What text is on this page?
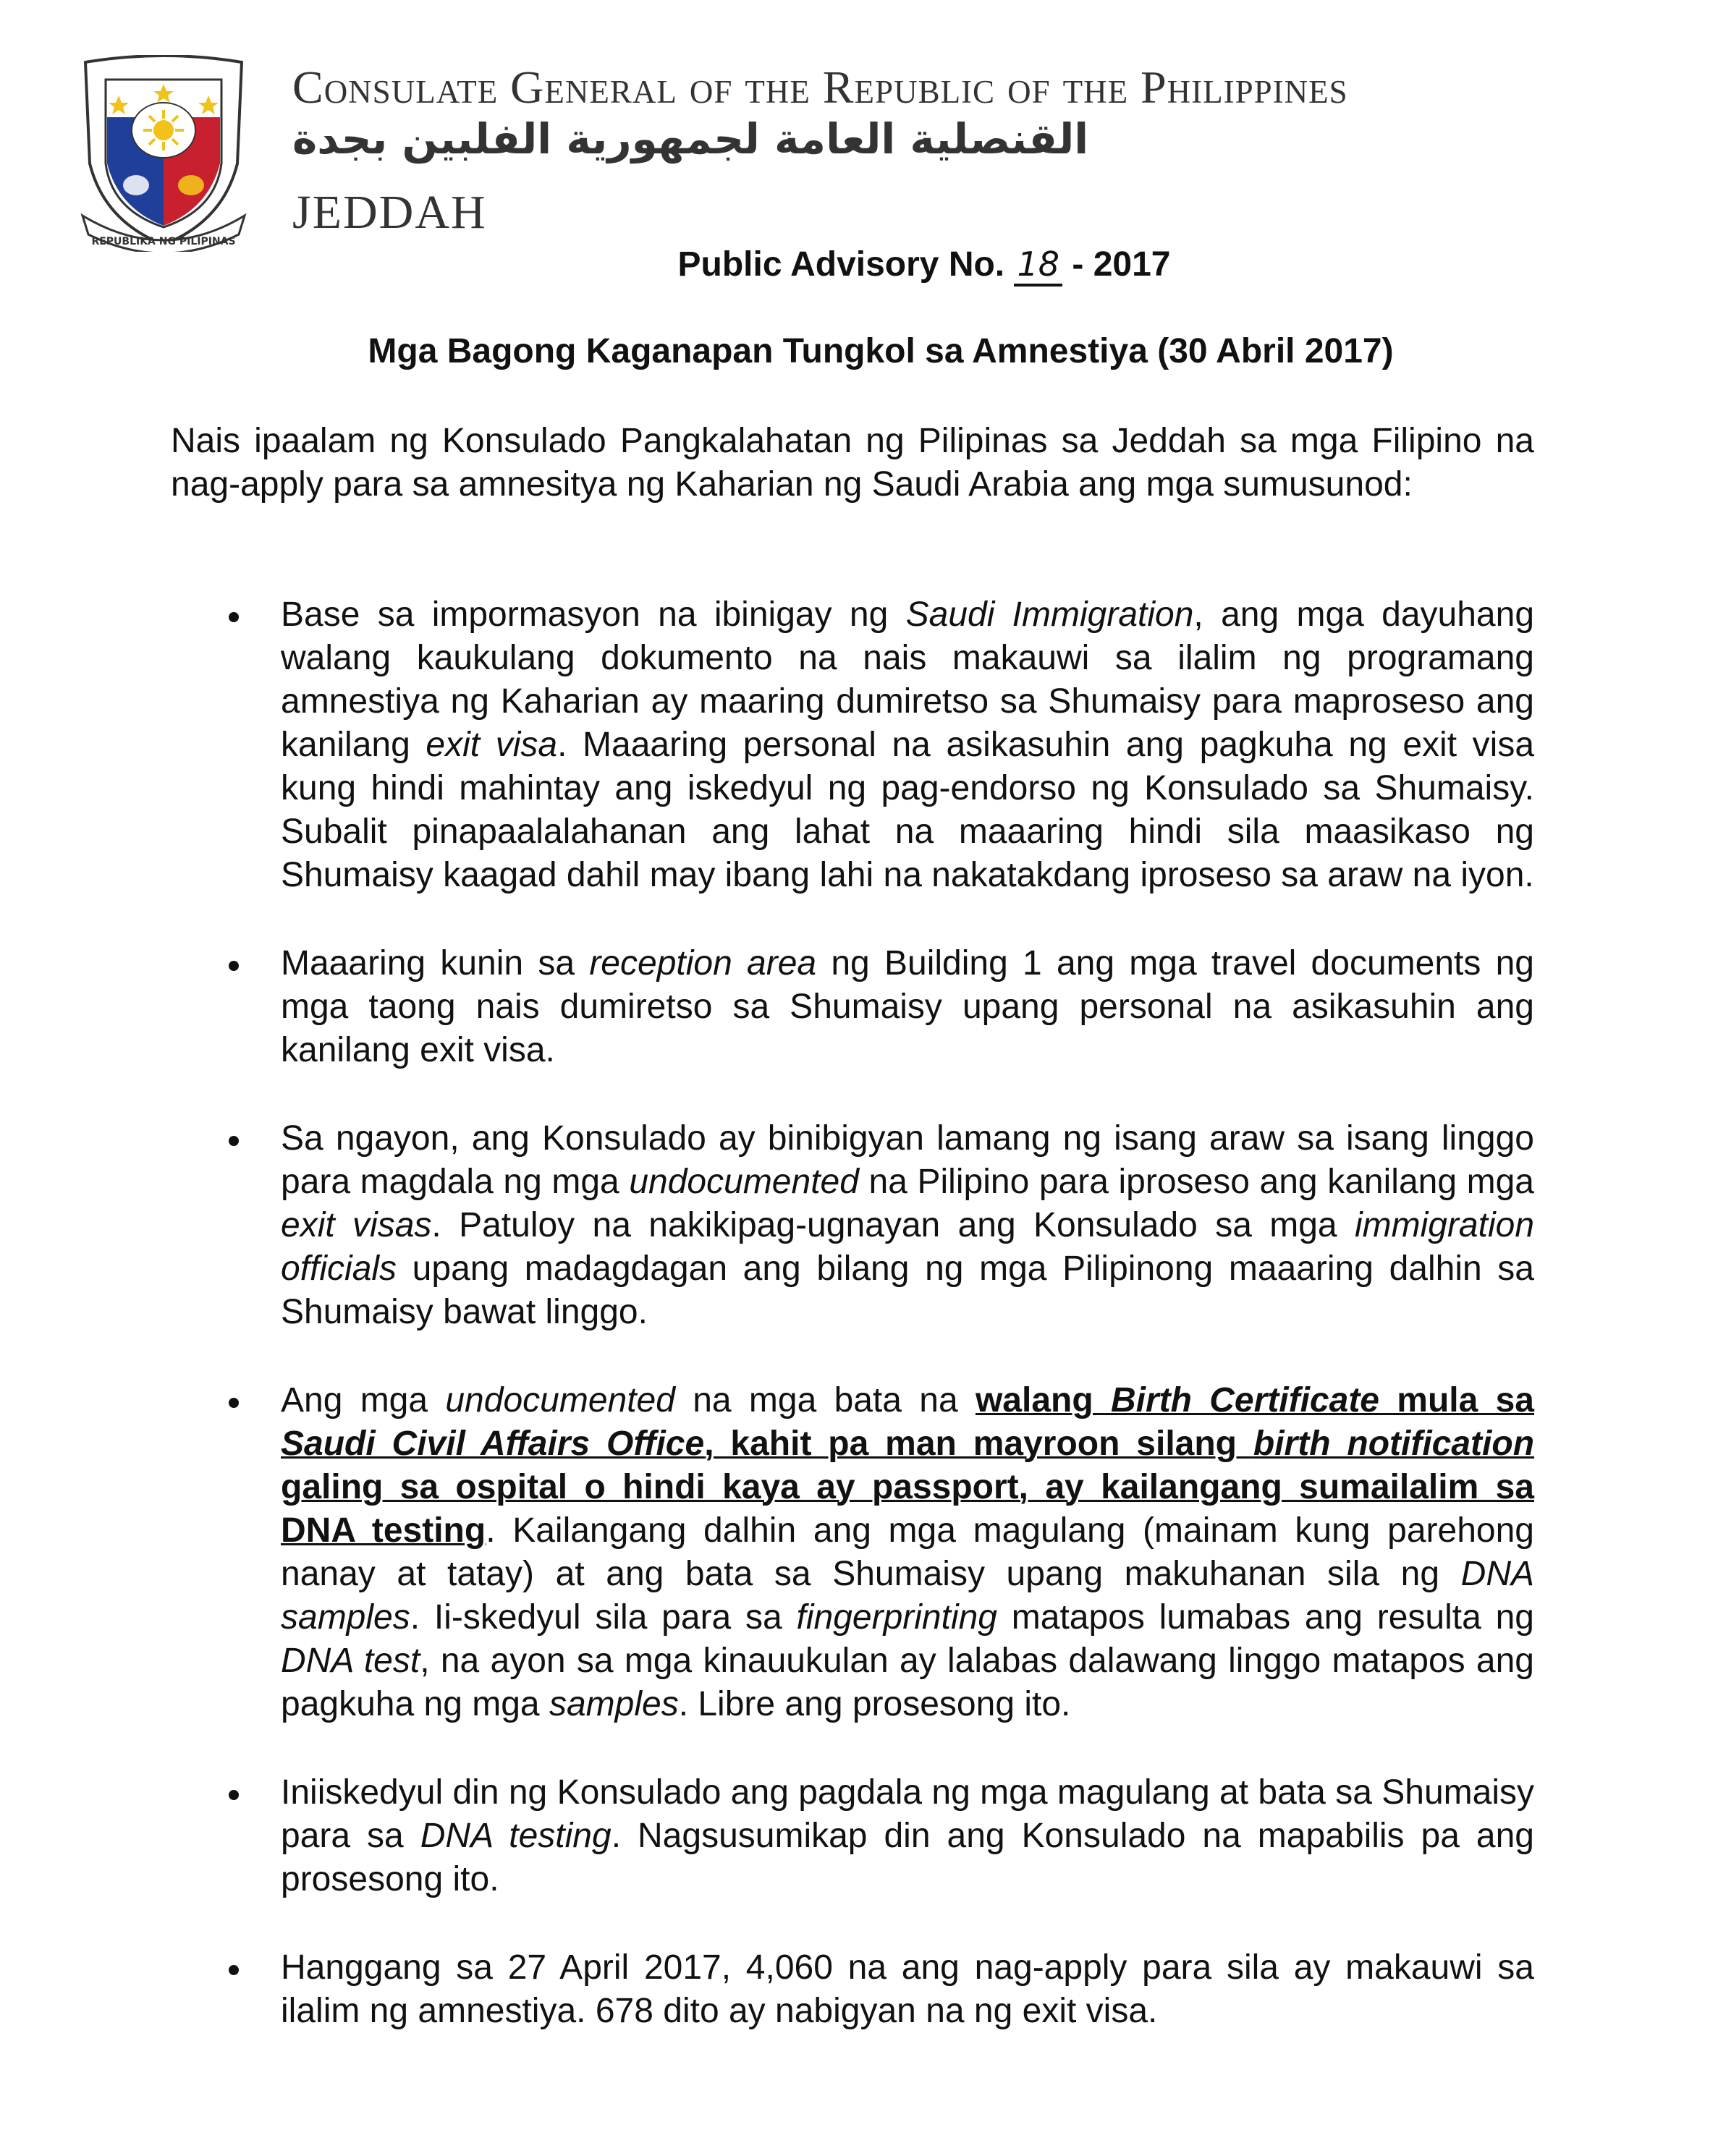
REPUBLIKA NG PILIPINAS
Consulate General of the Republic of the Philippines
القنصلية العامة لجمهورية الفلبين بجدة
JEDDAH
Public Advisory No. 18 - 2017
Mga Bagong Kaganapan Tungkol sa Amnestiya (30 Abril 2017)
Nais ipaalam ng Konsulado Pangkalahatan ng Pilipinas sa Jeddah sa mga Filipino na nag-apply para sa amnesitya ng Kaharian ng Saudi Arabia ang mga sumusunod:
Base sa impormasyon na ibinigay ng Saudi Immigration, ang mga dayuhang walang kaukulang dokumento na nais makauwi sa ilalim ng programang amnestiya ng Kaharian ay maaring dumiretso sa Shumaisy para maproseso ang kanilang exit visa. Maaaring personal na asikasuhin ang pagkuha ng exit visa kung hindi mahintay ang iskedyul ng pag-endorso ng Konsulado sa Shumaisy. Subalit pinapaalalahanan ang lahat na maaaring hindi sila maasikaso ng Shumaisy kaagad dahil may ibang lahi na nakatakdang iproseso sa araw na iyon.
Maaaring kunin sa reception area ng Building 1 ang mga travel documents ng mga taong nais dumiretso sa Shumaisy upang personal na asikasuhin ang kanilang exit visa.
Sa ngayon, ang Konsulado ay binibigyan lamang ng isang araw sa isang linggo para magdala ng mga undocumented na Pilipino para iproseso ang kanilang mga exit visas. Patuloy na nakikipag-ugnayan ang Konsulado sa mga immigration officials upang madagdagan ang bilang ng mga Pilipinong maaaring dalhin sa Shumaisy bawat linggo.
Ang mga undocumented na mga bata na walang Birth Certificate mula sa Saudi Civil Affairs Office, kahit pa man mayroon silang birth notification galing sa ospital o hindi kaya ay passport, ay kailangang sumailalim sa DNA testing. Kailangang dalhin ang mga magulang (mainam kung parehong nanay at tatay) at ang bata sa Shumaisy upang makuhanan sila ng DNA samples. Ii-skedyul sila para sa fingerprinting matapos lumabas ang resulta ng DNA test, na ayon sa mga kinauukulan ay lalabas dalawang linggo matapos ang pagkuha ng mga samples. Libre ang prosesong ito.
Iniiskedyul din ng Konsulado ang pagdala ng mga magulang at bata sa Shumaisy para sa DNA testing. Nagsusumikap din ang Konsulado na mapabilis pa ang prosesong ito.
Hanggang sa 27 April 2017, 4,060 na ang nag-apply para sila ay makauwi sa ilalim ng amnestiya. 678 dito ay nabigyan na ng exit visa.
